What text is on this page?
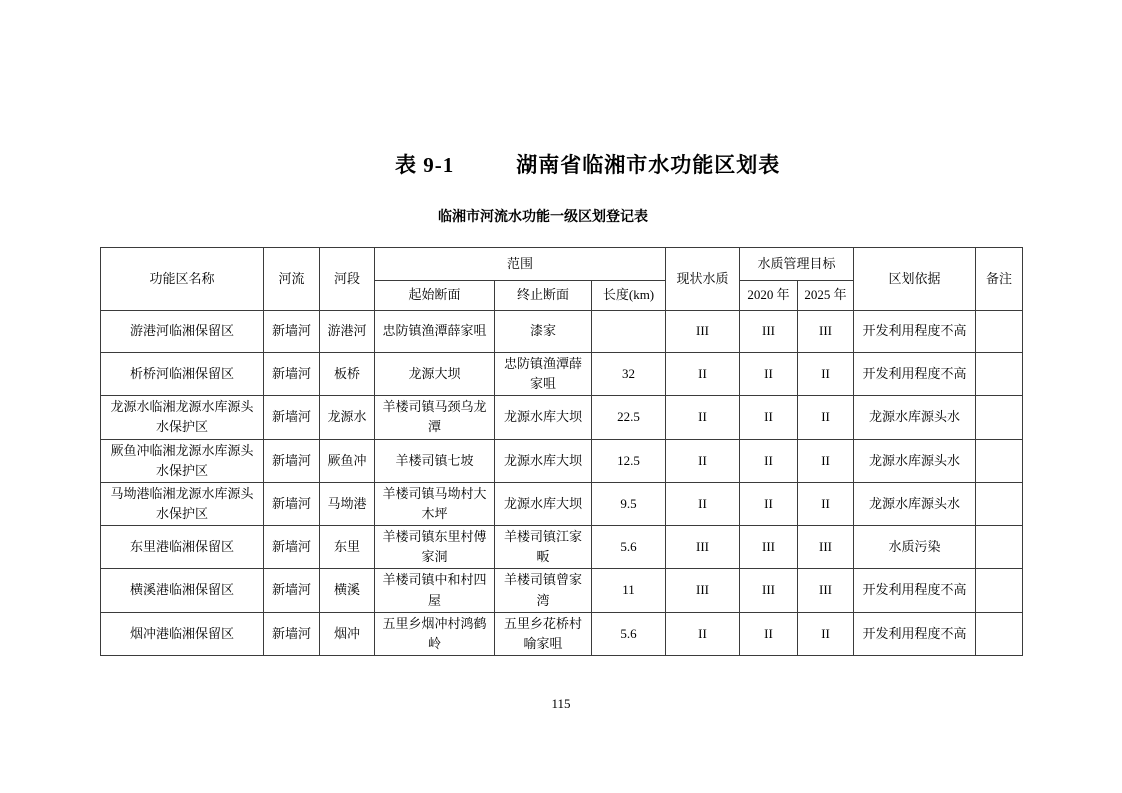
表 9-1	湖南省临湘市水功能区划表
临湘市河流水功能一级区划登记表
功能区名称	河流	河段	范围			现状水质	水质管理目标		区划依据	备注
			起始断面	终止断面	长度(km)		2020 年	2025 年		
游港河临湘保留区	新墙河	游港河	忠防镇渔潭薛家咀	漆家		III	III	III	开发利用程度不高	
析桥河临湘保留区	新墙河	板桥	龙源大坝	忠防镇渔潭薛家咀	32	II	II	II	开发利用程度不高	
龙源水临湘龙源水库源头水保护区	新墙河	龙源水	羊楼司镇马颈乌龙潭	龙源水库大坝	22.5	II	II	II	龙源水库源头水	
厥鱼冲临湘龙源水库源头水保护区	新墙河	厥鱼冲	羊楼司镇七坡	龙源水库大坝	12.5	II	II	II	龙源水库源头水	
马坳港临湘龙源水库源头水保护区	新墙河	马坳港	羊楼司镇马坳村大木坪	龙源水库大坝	9.5	II	II	II	龙源水库源头水	
东里港临湘保留区	新墙河	东里	羊楼司镇东里村傅家洞	羊楼司镇江家畈	5.6	III	III	III	水质污染	
横溪港临湘保留区	新墙河	横溪	羊楼司镇中和村四屋	羊楼司镇曾家湾	11	III	III	III	开发利用程度不高	
烟冲港临湘保留区	新墙河	烟冲	五里乡烟冲村鸿鹤岭	五里乡花桥村喻家咀	5.6	II	II	II	开发利用程度不高	
115
